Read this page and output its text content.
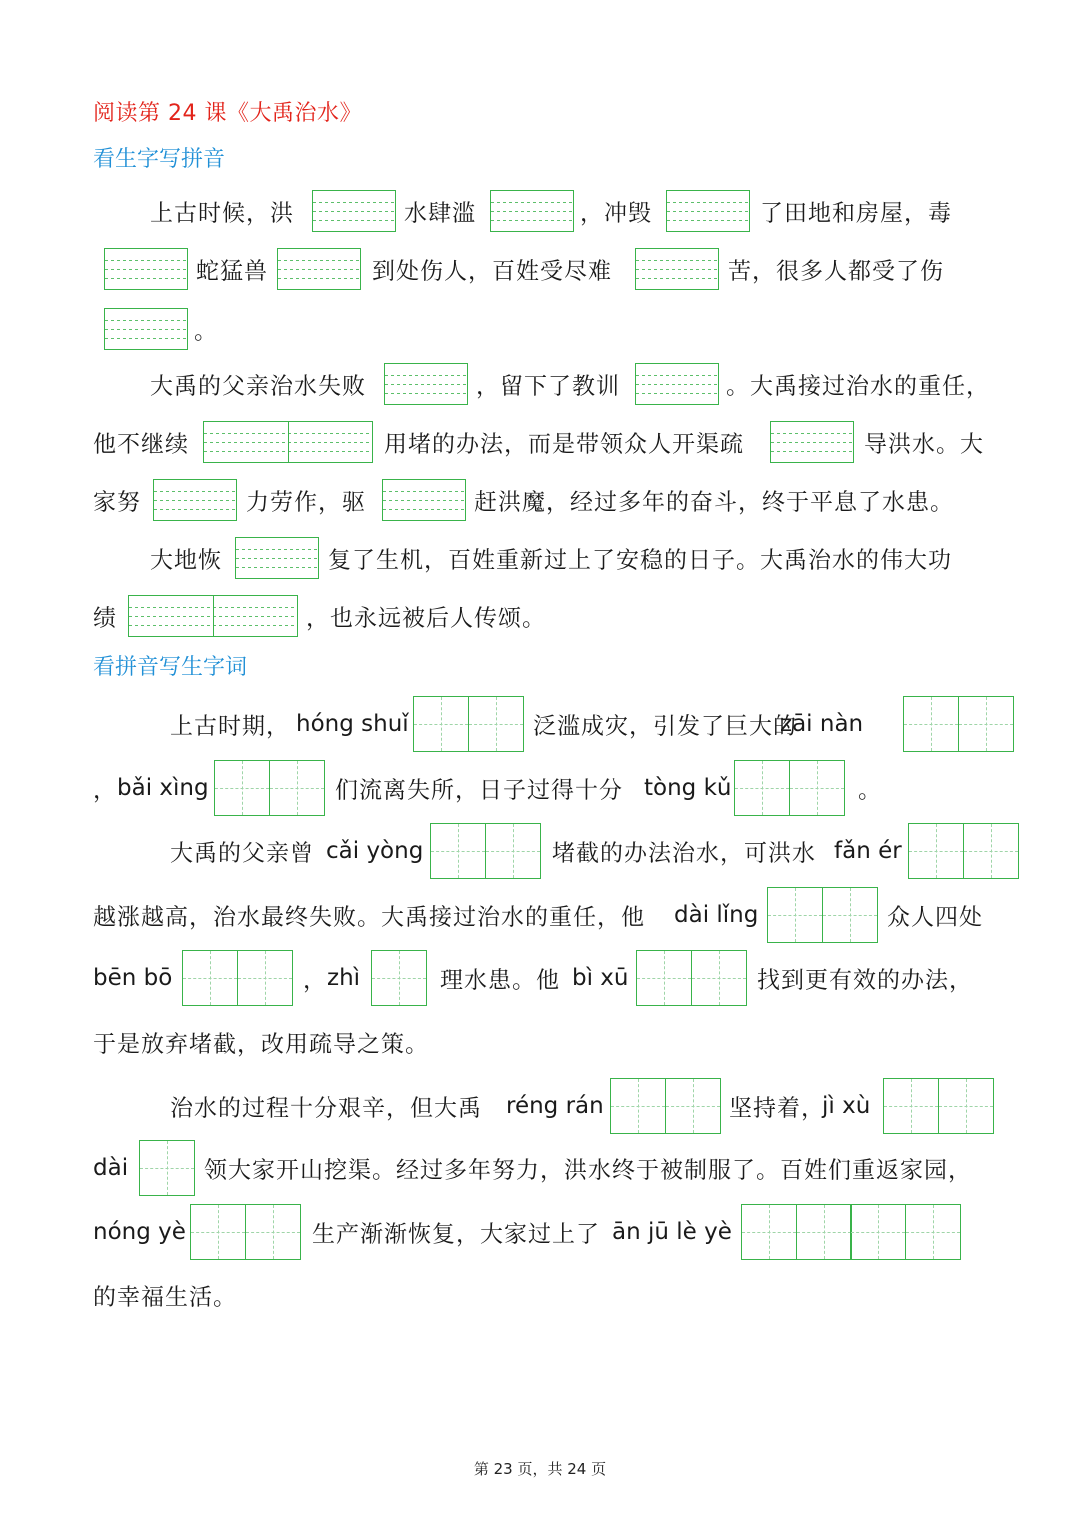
阅读第 24 课《大禹治水》
看生字写拼音
上古时候，洪	水肆滥	，冲毁	了田地和房屋，毒
蛇猛兽	到处伤人，百姓受尽难	苦，很多人都受了伤
。
大禹的父亲治水失败	，留下了教训	。大禹接过治水的重任，
他不继续	用堵的办法，而是带领众人开渠疏	导洪水。大
家努	力劳作，驱	赶洪魔，经过多年的奋斗，终于平息了水患。
大地恢	复了生机，百姓重新过上了安稳的日子。大禹治水的伟大功
绩	，也永远被后人传颂。
看拼音写生字词
上古时期， hóng shuǐ	泛滥成灾，引发了巨大的
zāi nàn
， bǎi xìng	们流离失所，日子过得十分 tòng kǔ	。
大禹的父亲曾 cǎi yòng	堵截的办法治水，可洪水 fǎn ér
越涨越高，治水最终失败。大禹接过治水的重任，他 dài lǐng	众人四处
bēn bō	， zhì	理水患。他 bì xū	找到更有效的办法，
于是放弃堵截，改用疏导之策。
治水的过程十分艰辛，但大禹 réng rán	坚持着，
jì xù
dài	领大家开山挖渠。经过多年努力，洪水终于被制服了。百姓们重返家园，
nóng yè	生产渐渐恢复，大家过上了 ān jū lè yè
的幸福生活。
第 23 页，共 24 页
